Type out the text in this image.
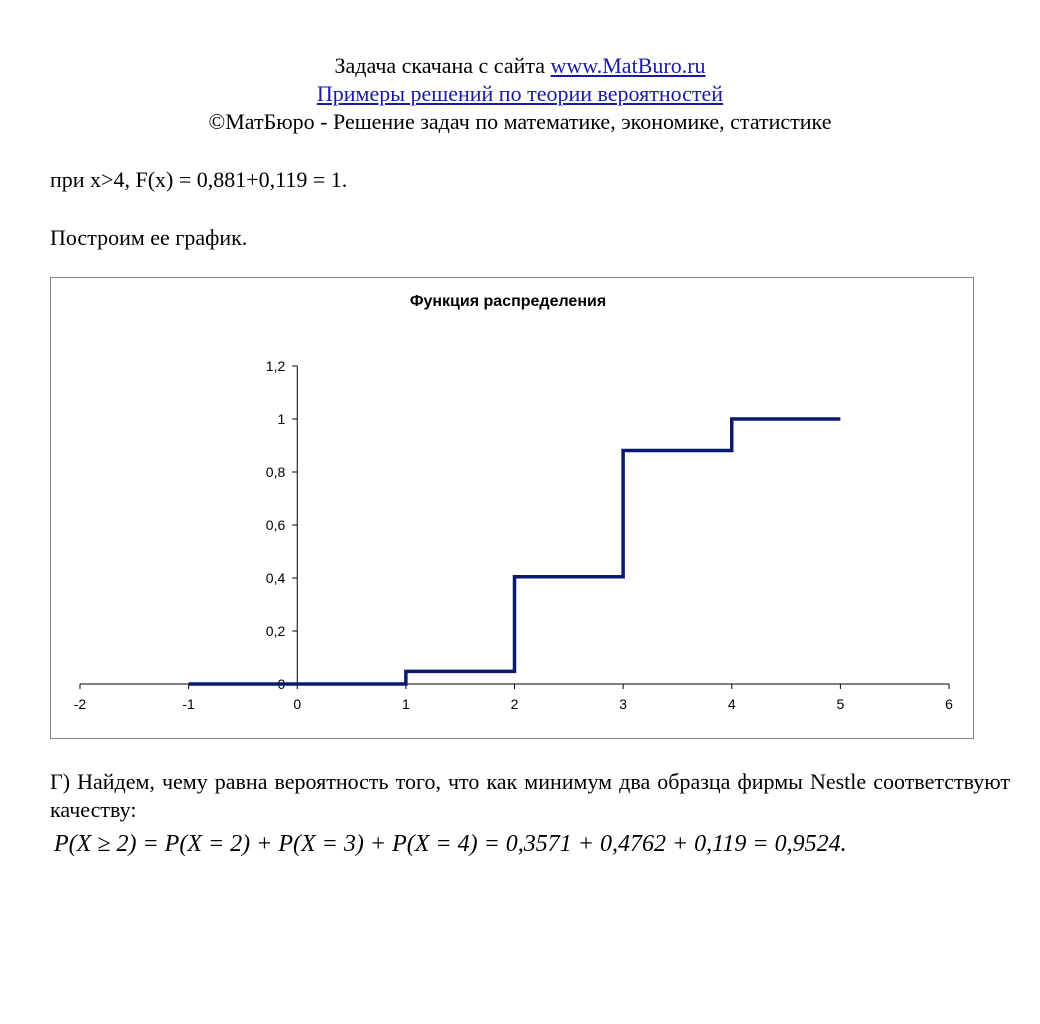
Задача скачана с сайта www.MatBuro.ru
Примеры решений по теории вероятностей
©МатБюро - Решение задач по математике, экономике, статистике
при x>4, F(x) = 0,881+0,119 = 1.
Построим ее график.
Функция распределения
0
0,2
0,4
0,6
0,8
1
1,2
-2	-1	0	1	2	3	4	5	6
Г) Найдем, чему равна вероятность того, что как минимум два образца фирмы Nestle соответствуют качеству:
P(X ≥ 2) = P(X = 2) + P(X = 3) + P(X = 4) = 0,3571 + 0,4762 + 0,119 = 0,9524.
